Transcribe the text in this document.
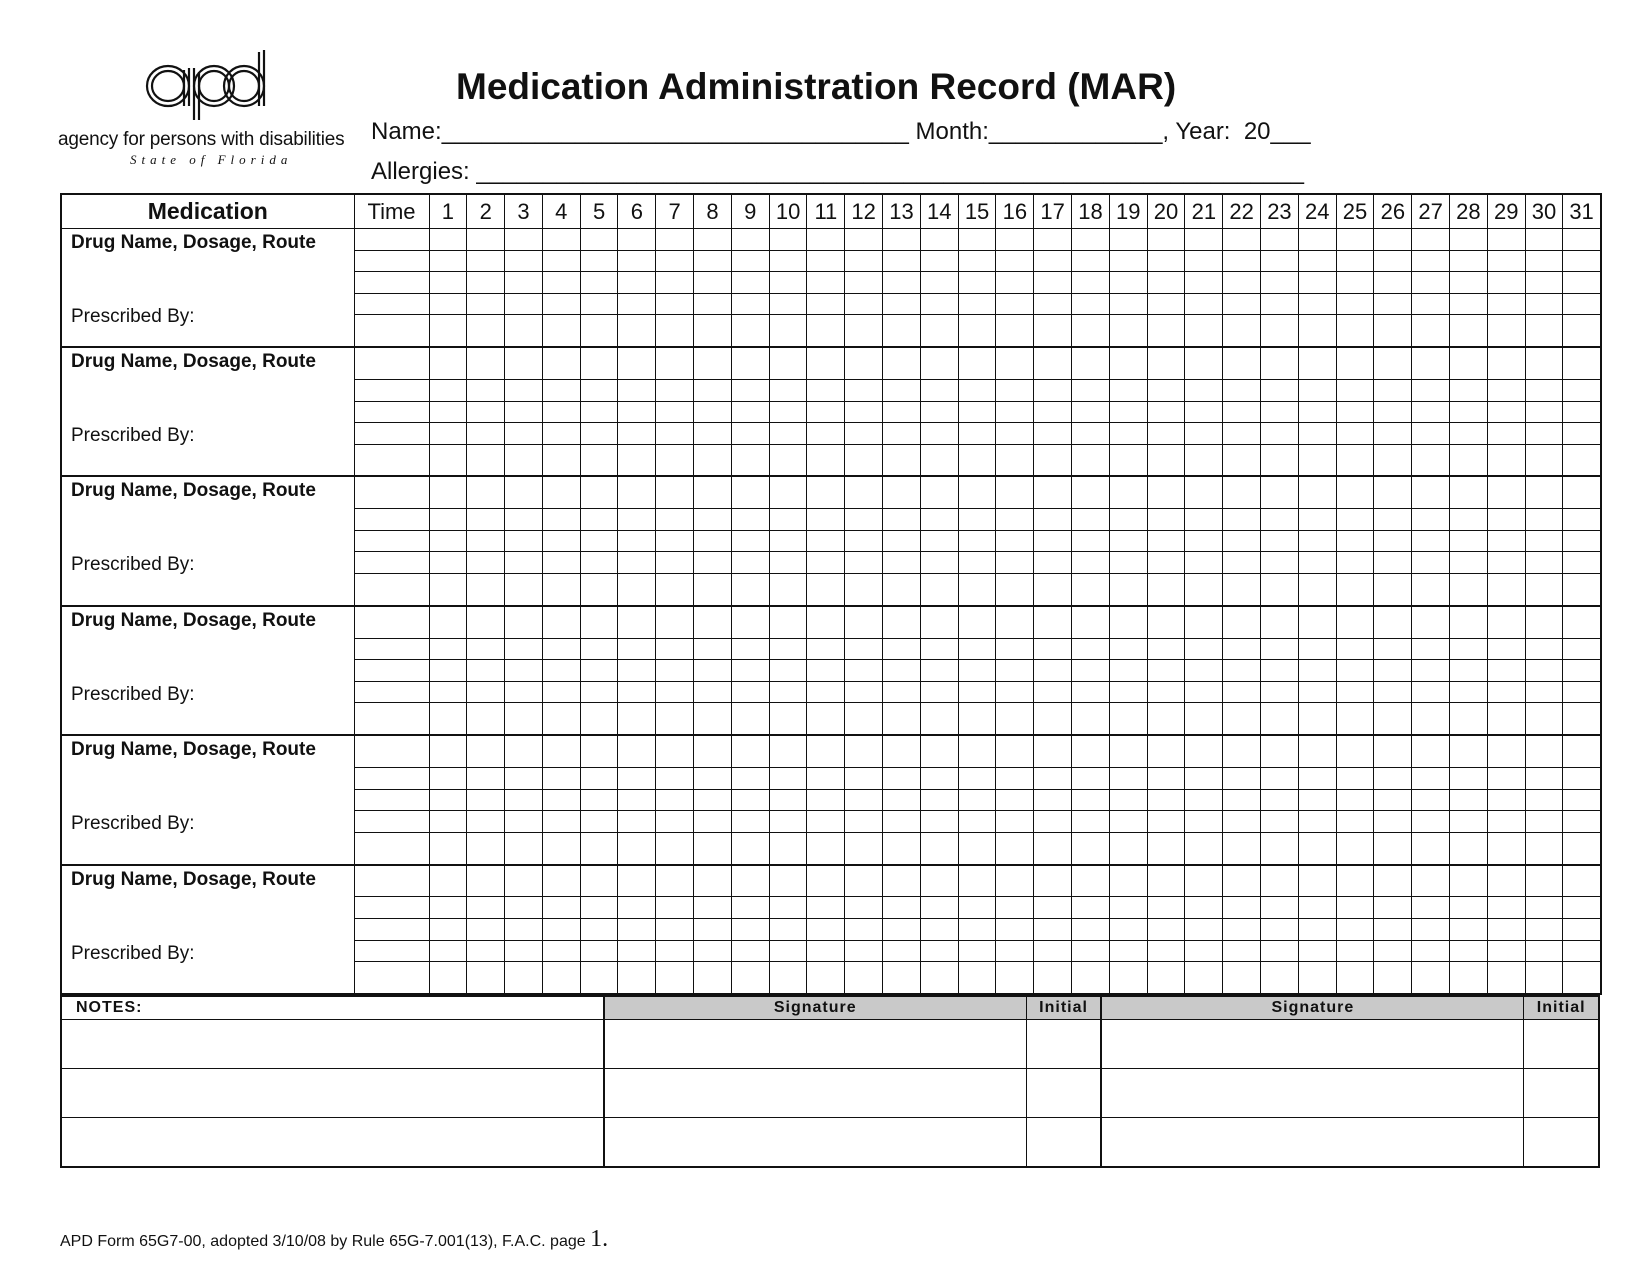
agency for persons with disabilities
State of Florida
Medication Administration Record (MAR)
Name:___________________________________ Month:_____________, Year:  20___
Allergies: ______________________________________________________________
Medication	Time	1	2	3	4	5	6	7	8	9	10	11	12	13	14	15	16	17	18	19	20	21	22	23	24	25	26	27	28	29	30	31

Drug Name, Dosage, Route
Prescribed By:																																

Drug Name, Dosage, Route
Prescribed By:																																

Drug Name, Dosage, Route
Prescribed By:																																

Drug Name, Dosage, Route
Prescribed By:																																

Drug Name, Dosage, Route
Prescribed By:																																

Drug Name, Dosage, Route
Prescribed By:																																

NOTES:	Signature	Initial	Signature	Initial

APD Form 65G7-00, adopted 3/10/08 by Rule 65G-7.001(13), F.A.C. page 1.
